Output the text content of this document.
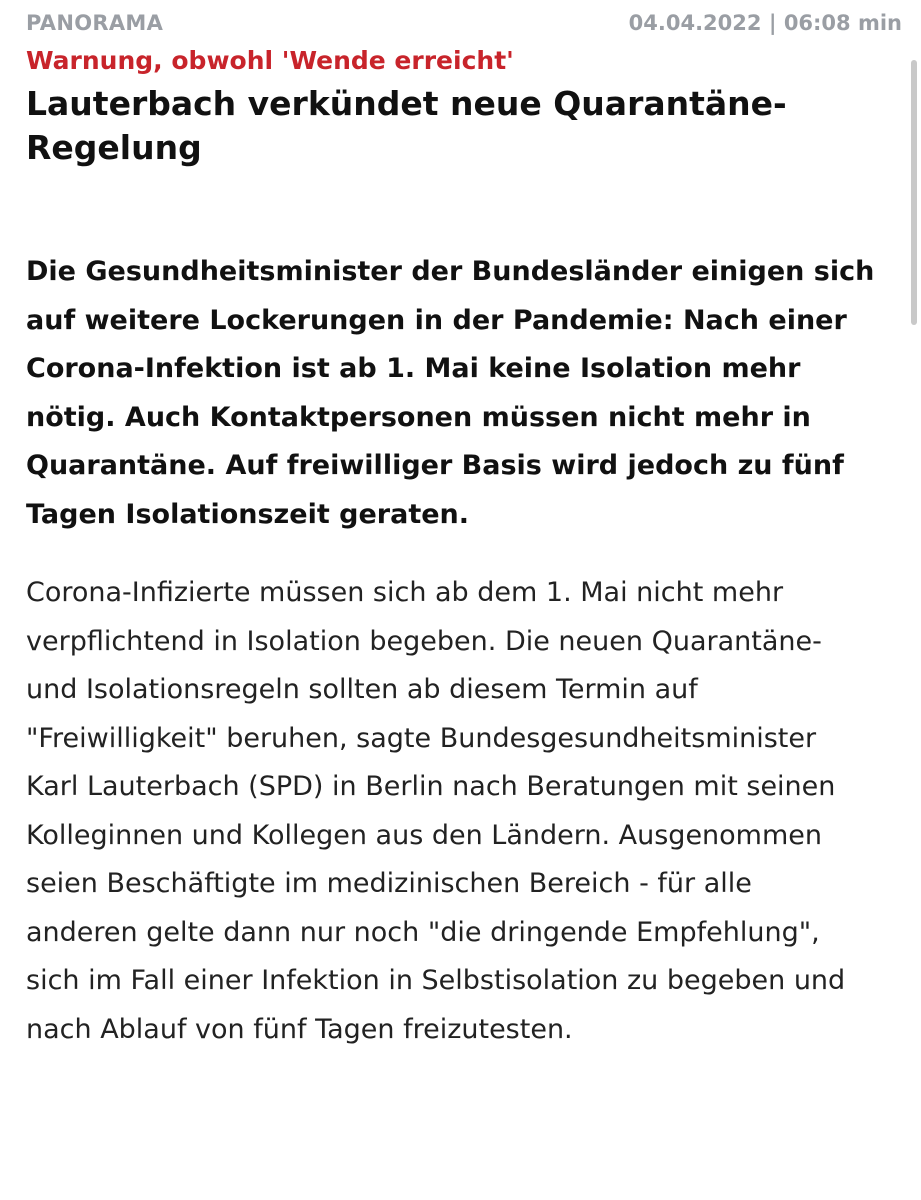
PANORAMA	04.04.2022 | 06:08 min
Warnung, obwohl 'Wende erreicht'
Lauterbach verkündet neue Quarantäne-Regelung

Die Gesundheitsminister der Bundesländer einigen sich auf weitere Lockerungen in der Pandemie: Nach einer Corona-Infektion ist ab 1. Mai keine Isolation mehr nötig. Auch Kontaktpersonen müssen nicht mehr in Quarantäne. Auf freiwilliger Basis wird jedoch zu fünf Tagen Isolationszeit geraten.

Corona-Infizierte müssen sich ab dem 1. Mai nicht mehr verpflichtend in Isolation begeben. Die neuen Quarantäne- und Isolationsregeln sollten ab diesem Termin auf "Freiwilligkeit" beruhen, sagte Bundesgesundheitsminister Karl Lauterbach (SPD) in Berlin nach Beratungen mit seinen Kolleginnen und Kollegen aus den Ländern. Ausgenommen seien Beschäftigte im medizinischen Bereich - für alle anderen gelte dann nur noch "die dringende Empfehlung", sich im Fall einer Infektion in Selbstisolation zu begeben und nach Ablauf von fünf Tagen freizutesten.
